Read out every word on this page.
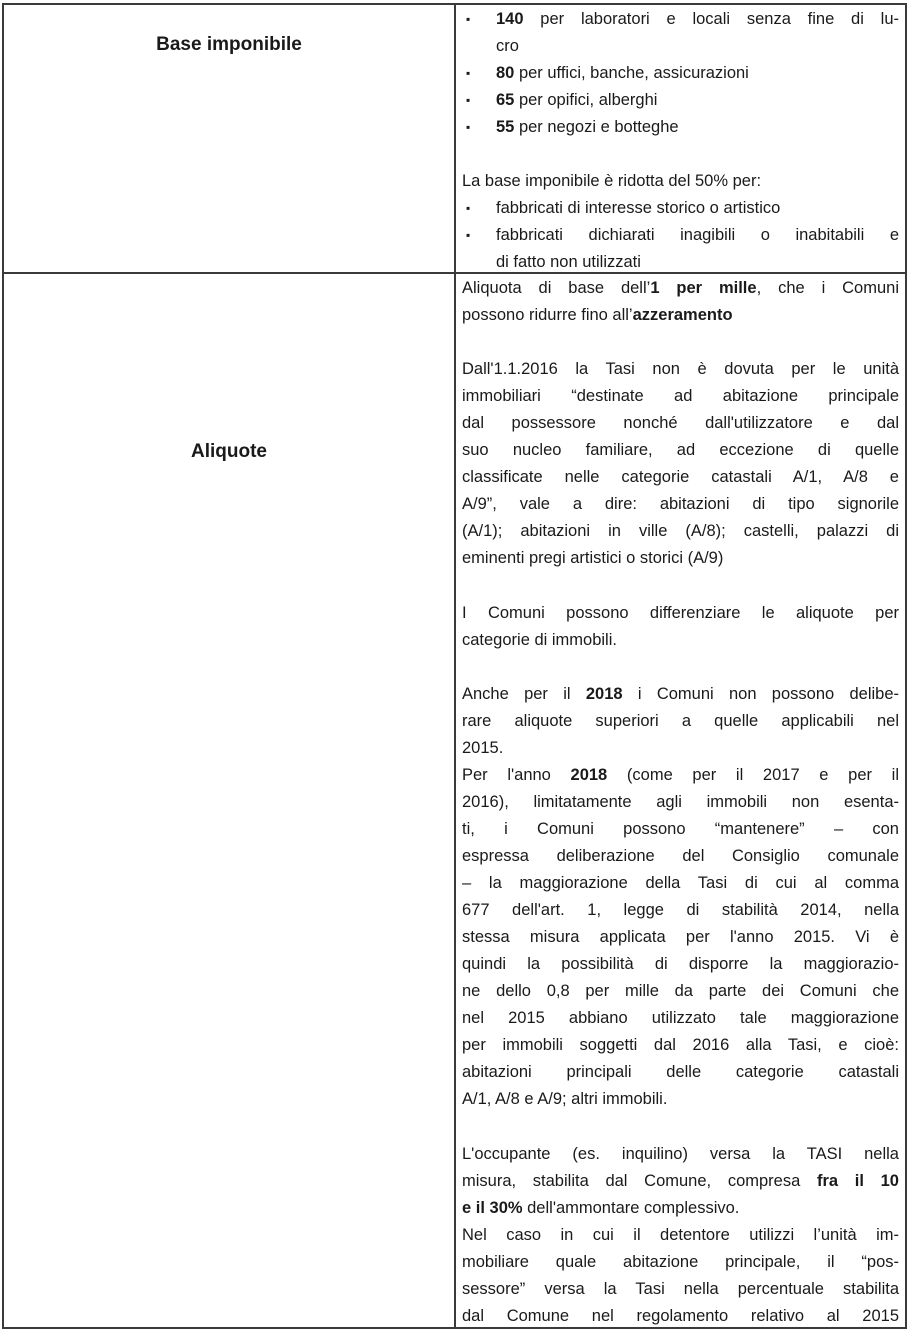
Base imponibile
▪ 140 per laboratori e locali senza fine di lu-
cro
▪ 80 per uffici, banche, assicurazioni
▪ 65 per opifici, alberghi
▪ 55 per negozi e botteghe
La base imponibile è ridotta del 50% per:
▪ fabbricati di interesse storico o artistico
▪ fabbricati dichiarati inagibili o inabitabili e
di fatto non utilizzati
Aliquote
Aliquota di base dell’1 per mille, che i Comuni
possono ridurre fino all’azzeramento
Dall'1.1.2016 la Tasi non è dovuta per le unità
immobiliari “destinate ad abitazione principale
dal possessore nonché dall'utilizzatore e dal
suo nucleo familiare, ad eccezione di quelle
classificate nelle categorie catastali A/1, A/8 e
A/9”, vale a dire: abitazioni di tipo signorile
(A/1); abitazioni in ville (A/8); castelli, palazzi di
eminenti pregi artistici o storici (A/9)
I Comuni possono differenziare le aliquote per
categorie di immobili.
Anche per il 2018 i Comuni non possono delibe-
rare aliquote superiori a quelle applicabili nel
2015.
Per l'anno 2018 (come per il 2017 e per il
2016), limitatamente agli immobili non esenta-
ti, i Comuni possono “mantenere” – con
espressa deliberazione del Consiglio comunale
– la maggiorazione della Tasi di cui al comma
677 dell'art. 1, legge di stabilità 2014, nella
stessa misura applicata per l'anno 2015. Vi è
quindi la possibilità di disporre la maggiorazio-
ne dello 0,8 per mille da parte dei Comuni che
nel 2015 abbiano utilizzato tale maggiorazione
per immobili soggetti dal 2016 alla Tasi, e cioè:
abitazioni principali delle categorie catastali
A/1, A/8 e A/9; altri immobili.
L'occupante (es. inquilino) versa la TASI nella
misura, stabilita dal Comune, compresa fra il 10
e il 30% dell'ammontare complessivo.
Nel caso in cui il detentore utilizzi l’unità im-
mobiliare quale abitazione principale, il “pos-
sessore” versa la Tasi nella percentuale stabilita
dal Comune nel regolamento relativo al 2015
